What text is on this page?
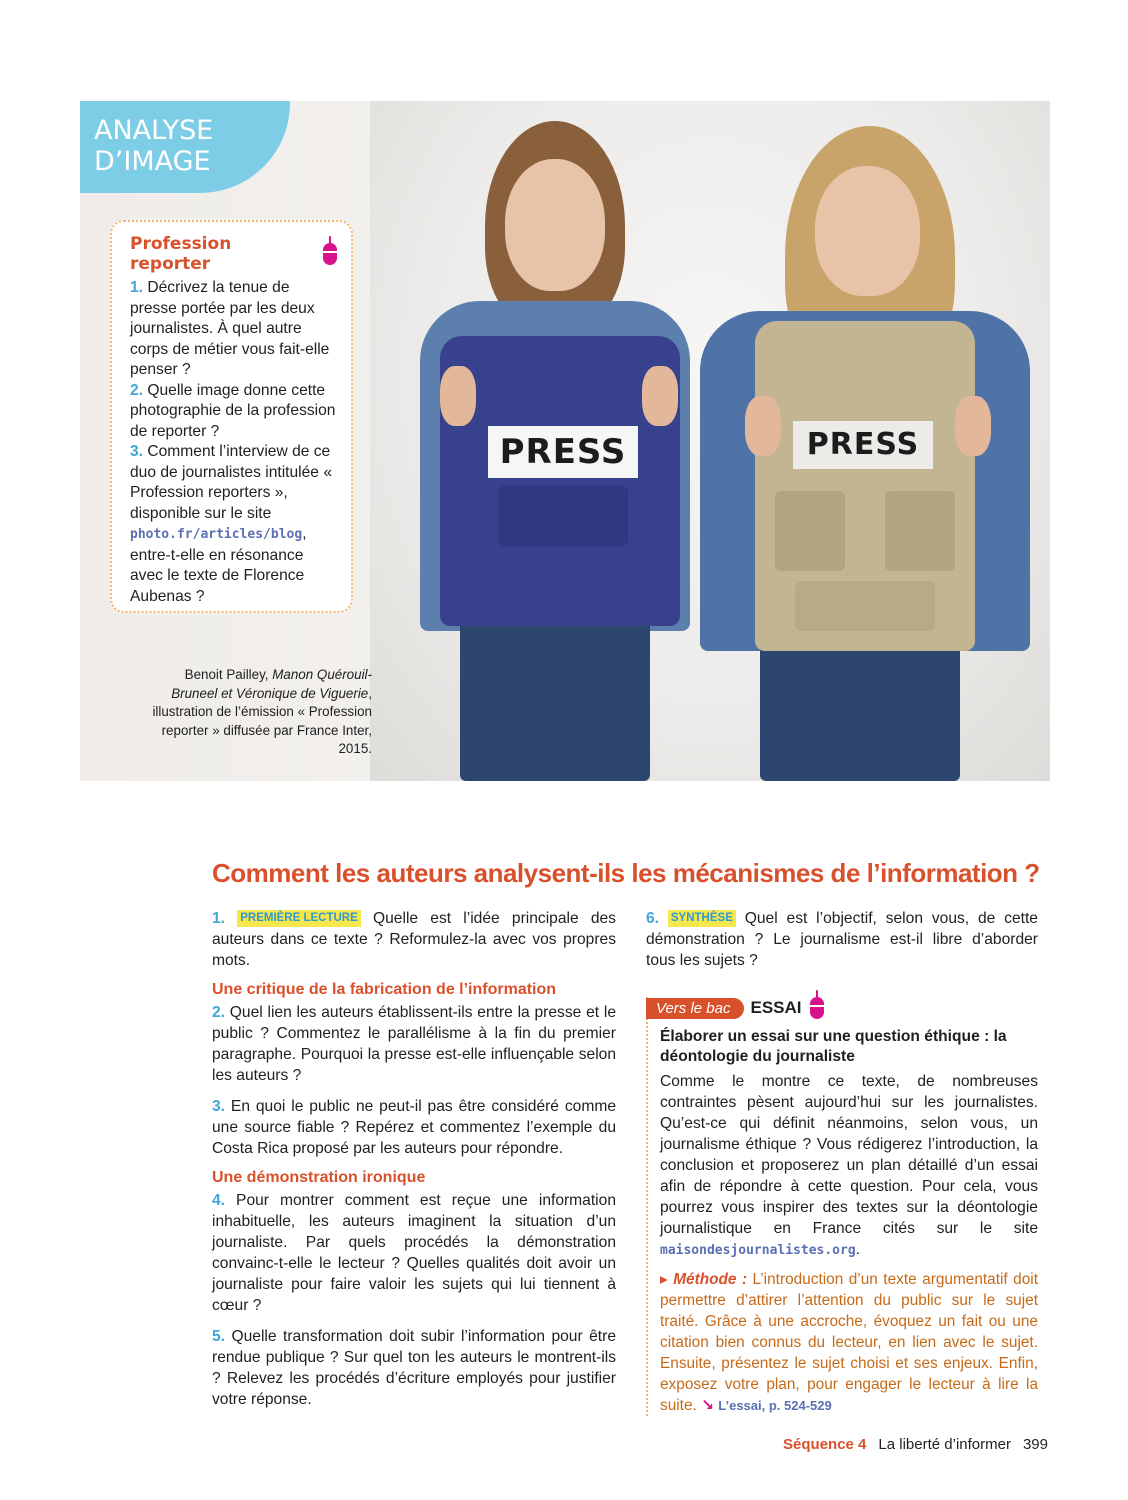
PRESS	PRESS
ANALYSE
D’IMAGE
Profession reporter

1. Décrivez la tenue de presse portée par les deux journalistes. À quel autre corps de métier vous fait-elle penser ?

2. Quelle image donne cette photographie de la profession de reporter ?

3. Comment l’interview de ce duo de journalistes intitulée « Profession reporters », disponible sur le site photo.fr/articles/blog, entre-t-elle en résonance avec le texte de Florence Aubenas ?

Benoit Pailley, Manon Quérouil-Bruneel et Véronique de Viguerie, illustration de l’émission « Profession reporter » diffusée par France Inter, 2015.
Comment les auteurs analysent-ils les mécanismes de l’information ?

1. PREMIÈRE LECTURE Quelle est l’idée principale des auteurs dans ce texte ? Reformulez-la avec vos propres mots.

Une critique de la fabrication de l’information

2. Quel lien les auteurs établissent-ils entre la presse et le public ? Commentez le parallélisme à la fin du premier paragraphe. Pourquoi la presse est-elle influençable selon les auteurs ?

3. En quoi le public ne peut-il pas être considéré comme une source fiable ? Repérez et commentez l’exemple du Costa Rica proposé par les auteurs pour répondre.

Une démonstration ironique

4. Pour montrer comment est reçue une information inhabituelle, les auteurs imaginent la situation d’un journaliste. Par quels procédés la démonstration convainc-t-elle le lecteur ? Quelles qualités doit avoir un journaliste pour faire valoir les sujets qui lui tiennent à cœur ?

5. Quelle transformation doit subir l’information pour être rendue publique ? Sur quel ton les auteurs le montrent-ils ? Relevez les procédés d’écriture employés pour justifier votre réponse.

6. SYNTHÈSE Quel est l’objectif, selon vous, de cette démonstration ? Le journalisme est-il libre d’aborder tous les sujets ?

Vers le bac	ESSAI

Élaborer un essai sur une question éthique : la déontologie du journaliste

Comme le montre ce texte, de nombreuses contraintes pèsent aujourd’hui sur les journalistes. Qu’est-ce qui définit néanmoins, selon vous, un journalisme éthique ? Vous rédigerez l’introduction, la conclusion et proposerez un plan détaillé d’un essai afin de répondre à cette question. Pour cela, vous pourrez vous inspirer des textes sur la déontologie journalistique en France cités sur le site maisondesjournalistes.org.

▸ Méthode : L’introduction d’un texte argumentatif doit permettre d’attirer l’attention du public sur le sujet traité. Grâce à une accroche, évoquez un fait ou une citation bien connus du lecteur, en lien avec le sujet. Ensuite, présentez le sujet choisi et ses enjeux. Enfin, exposez votre plan, pour engager le lecteur à lire la suite. ↘ L’essai, p. 524-529

Séquence 4 La liberté d’informer 399
